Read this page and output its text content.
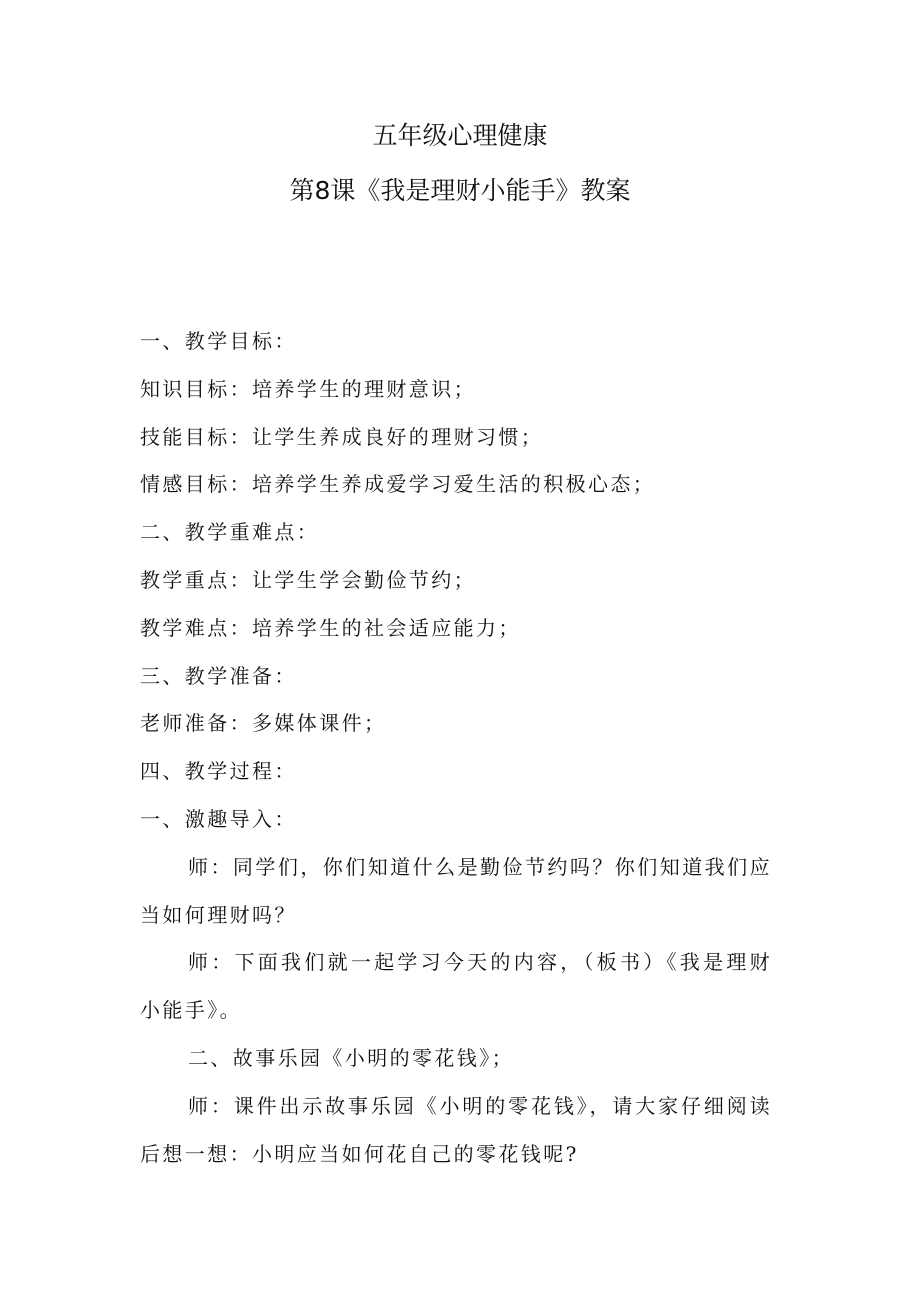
五年级心理健康
第8课《我是理财小能手》教案
一、教学目标：
知识目标：培养学生的理财意识；
技能目标：让学生养成良好的理财习惯；
情感目标：培养学生养成爱学习爱生活的积极心态；
二、教学重难点：
教学重点：让学生学会勤俭节约；
教学难点：培养学生的社会适应能力；
三、教学准备：
老师准备：多媒体课件；
四、教学过程：
一、激趣导入：
师：同学们，你们知道什么是勤俭节约吗？你们知道我们应当如何理财吗？
师：下面我们就一起学习今天的内容，（板书）《我是理财小能手》。
二、故事乐园《小明的零花钱》；
师：课件出示故事乐园《小明的零花钱》，请大家仔细阅读后想一想：小明应当如何花自己的零花钱呢?
